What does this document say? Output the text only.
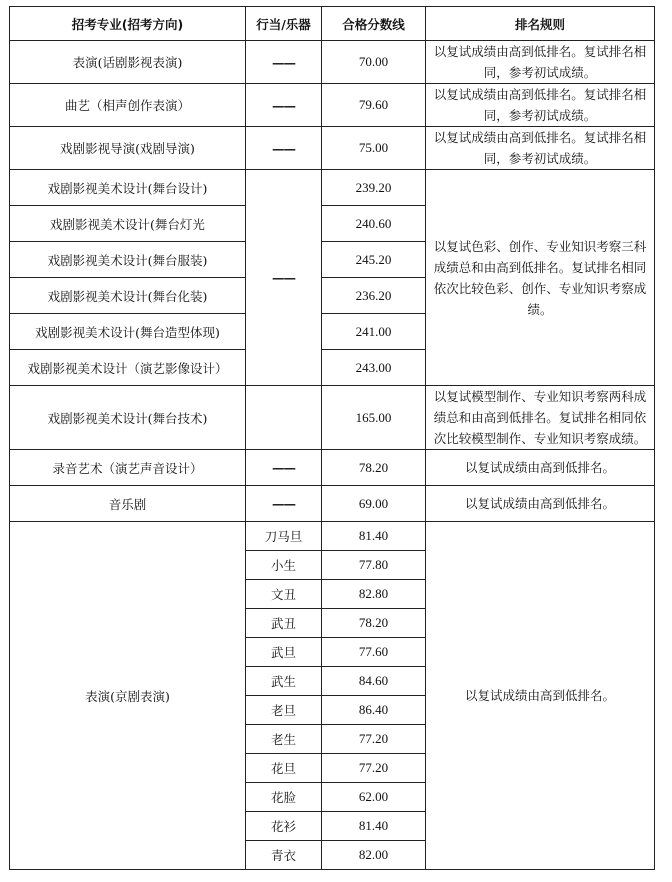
招考专业(招考方向)	行当/乐器	合格分数线	排名规则
表演(话剧影视表演)	——	70.00	以复试成绩由高到低排名。复试排名相同，参考初试成绩。
曲艺（相声创作表演）	——	79.60	以复试成绩由高到低排名。复试排名相同，参考初试成绩。
戏剧影视导演(戏剧导演)	——	75.00	以复试成绩由高到低排名。复试排名相同，参考初试成绩。
戏剧影视美术设计(舞台设计)	——	239.20	以复试色彩、创作、专业知识考察三科成绩总和由高到低排名。复试排名相同依次比较色彩、创作、专业知识考察成绩。
戏剧影视美术设计(舞台灯光		240.60	
戏剧影视美术设计(舞台服装)		245.20	
戏剧影视美术设计(舞台化装)		236.20	
戏剧影视美术设计(舞台造型体现)		241.00	
戏剧影视美术设计（演艺影像设计）		243.00	
戏剧影视美术设计(舞台技术)		165.00	以复试模型制作、专业知识考察两科成绩总和由高到低排名。复试排名相同依次比较模型制作、专业知识考察成绩。
录音艺术（演艺声音设计）	——	78.20	以复试成绩由高到低排名。
音乐剧	——	69.00	以复试成绩由高到低排名。
表演(京剧表演)	刀马旦	81.40	以复试成绩由高到低排名。
	小生	77.80	
	文丑	82.80	
	武丑	78.20	
	武旦	77.60	
	武生	84.60	
	老旦	86.40	
	老生	77.20	
	花旦	77.20	
	花脸	62.00	
	花衫	81.40	
	青衣	82.00	
